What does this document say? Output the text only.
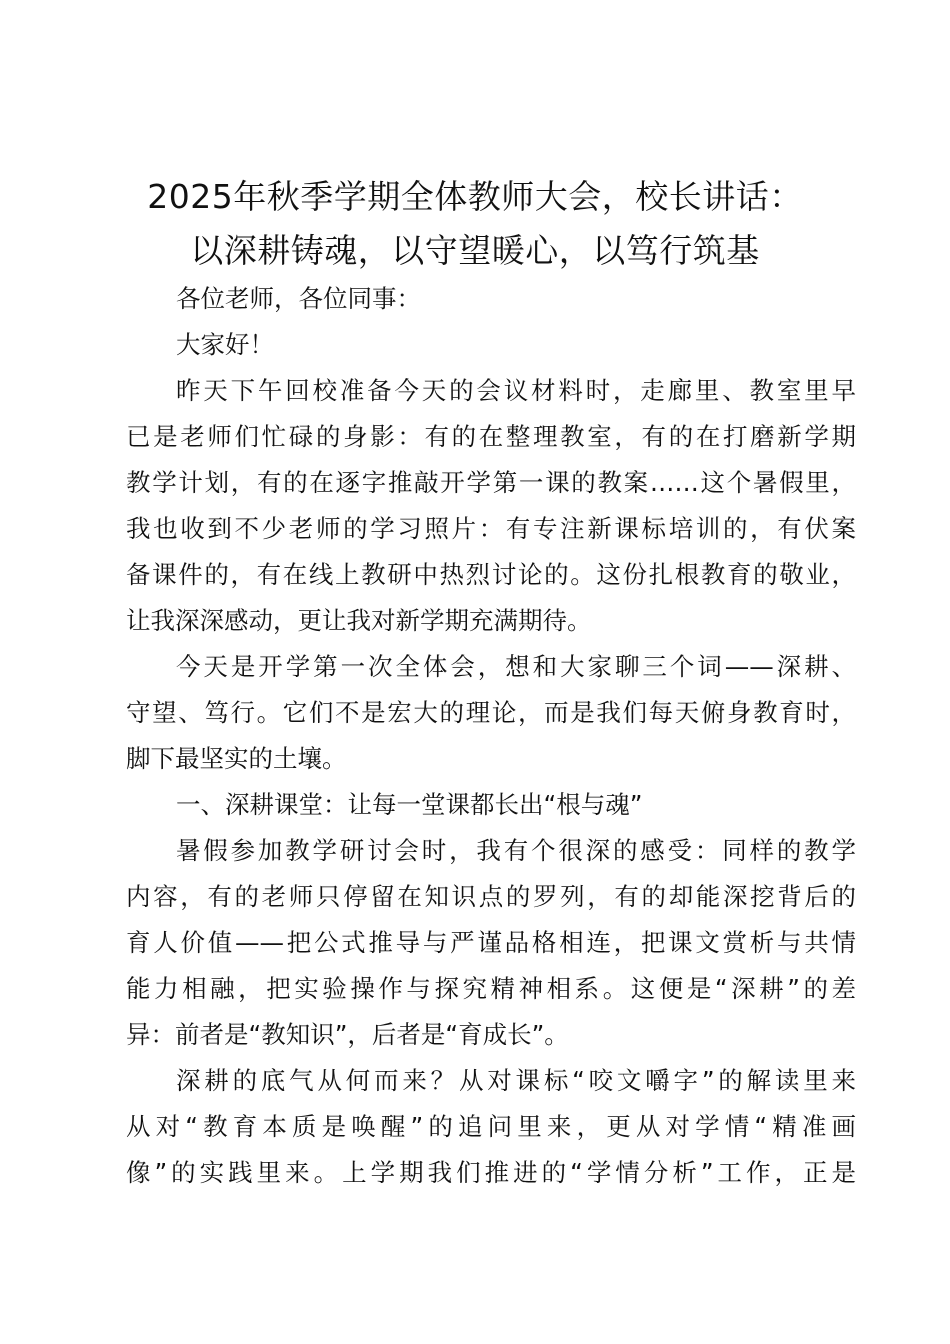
2025年秋季学期全体教师大会，校长讲话：
以深耕铸魂，以守望暖心，以笃行筑基
各位老师，各位同事：
大家好！
昨天下午回校准备今天的会议材料时，走廊里、教室里早
已是老师们忙碌的身影：有的在整理教室，有的在打磨新学期
教学计划，有的在逐字推敲开学第一课的教案……这个暑假里，
我也收到不少老师的学习照片：有专注新课标培训的，有伏案
备课件的，有在线上教研中热烈讨论的。这份扎根教育的敬业，
让我深深感动，更让我对新学期充满期待。
今天是开学第一次全体会，想和大家聊三个词——深耕、
守望、笃行。它们不是宏大的理论，而是我们每天俯身教育时，
脚下最坚实的土壤。
一、深耕课堂：让每一堂课都长出“根与魂”
暑假参加教学研讨会时，我有个很深的感受：同样的教学
内容，有的老师只停留在知识点的罗列，有的却能深挖背后的
育人价值——把公式推导与严谨品格相连，把课文赏析与共情
能力相融，把实验操作与探究精神相系。这便是“深耕”的差
异：前者是“教知识”，后者是“育成长”。
深耕的底气从何而来？从对课标“咬文嚼字”的解读里来
从对“教育本质是唤醒”的追问里来，更从对学情“精准画
像”的实践里来。上学期我们推进的“学情分析”工作，正是
